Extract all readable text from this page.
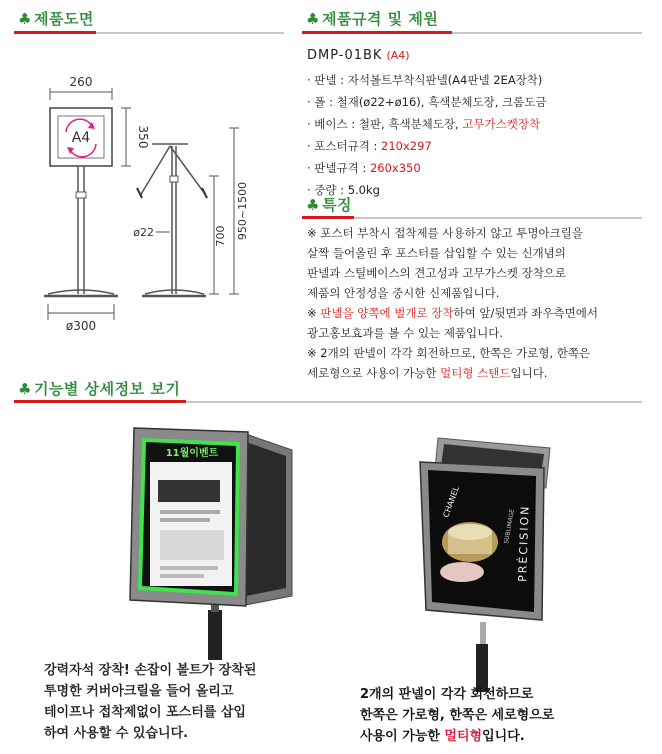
♣ 제품도면	♣ 제품규격 및 제원
260
A4	350
ø22
ø300
700 950~1500
DMP-01BK (A4)
· 판넬 : 자석볼트부착식판넬(A4판넬 2EA장착)
· 폴 : 철재(ø22+ø16), 흑색분체도장, 크롬도금
· 베이스 : 철판, 흑색분체도장, 고무가스켓장착
· 포스터규격 : 210x297
· 판넬규격 : 260x350
· 중량 : 5.0kg
♣ 특징
※ 포스터 부착시 접착제를 사용하지 않고 투명아크릴을
살짝 들어올린 후 포스터를 삽입할 수 있는 신개념의
판넬과 스틸베이스의 견고성과 고무가스켓 장착으로
제품의 안정성을 중시한 신제품입니다.
※ 판넬을 양쪽에 벌개로 장착하여 앞/뒷면과 좌우측면에서
광고홍보효과를 볼 수 있는 제품입니다.
※ 2개의 판넬이 각각 회전하므로, 한쪽은 가로형, 한쪽은
세로형으로 사용이 가능한 멀티형 스탠드입니다.
♣ 기능별 상세정보 보기
11월이벤트
CHANEL
SUBLIMAGE PRÉCISION
강력자석 장착! 손잡이 볼트가 장착된
투명한 커버아크릴을 들어 올리고
테이프나 접착제없이 포스터를 삽입
하여 사용할 수 있습니다.
2개의 판넬이 각각 회전하므로
한쪽은 가로형, 한쪽은 세로형으로
사용이 가능한 멀티형입니다.
